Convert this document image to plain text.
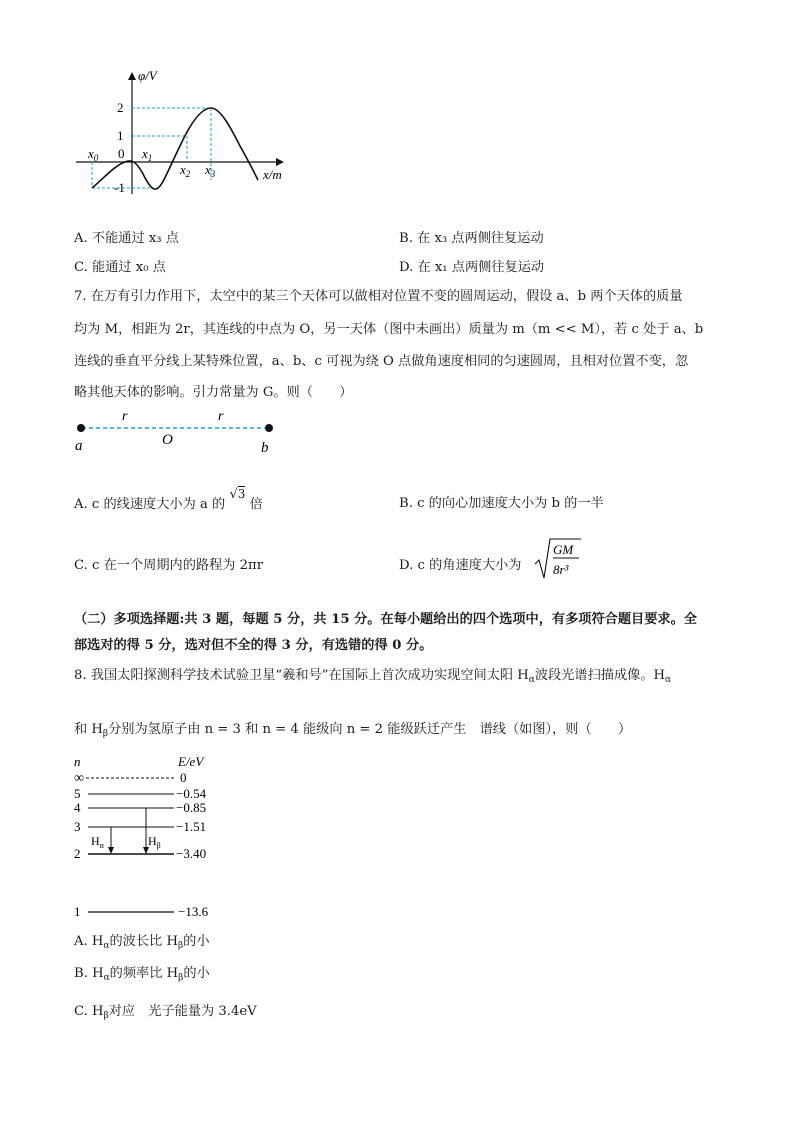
φ/V
x/m
0
2
1
-1
$x_0$	$x_1$
$x_2$ $x_3$
A. 不能通过 x₃ 点	B. 在 x₃ 点两侧往复运动
C. 能通过 x₀ 点	D. 在 x₁ 点两侧往复运动
7. 在万有引力作用下，太空中的某三个天体可以做相对位置不变的圆周运动，假设 a、b 两个天体的质量
均为 M，相距为 2r，其连线的中点为 O，另一天体（图中未画出）质量为 m（m << M），若 c 处于 a、b
连线的垂直平分线上某特殊位置，a、b、c 可视为绕 O 点做角速度相同的匀速圆周，且相对位置不变，忽
略其他天体的影响。引力常量为 G。则（　　）
r	r
a	O	b
A. c 的线速度大小为 a 的 √3 倍	B. c 的向心加速度大小为 b 的一半
C. c 在一个周期内的路程为 2πr	D. c 的角速度大小为
GM
8r³
（二）多项选择题:共 3 题，每题 5 分，共 15 分。在每小题给出的四个选项中，有多项符合题目要求。全
部选对的得 5 分，选对但不全的得 3 分，有选错的得 0 分。
8. 我国太阳探测科学技术试验卫星“羲和号”在国际上首次成功实现空间太阳 $H_\alpha$波段光谱扫描成像。$H_\alpha$
和 $H_\beta$分别为氢原子由 n = 3 和 n = 4 能级向 n = 2 能级跃迁产生　谱线（如图），则（　　）
n	E/eV
∞	0
5	−0.54
4	−0.85
3	−1.51
2	−3.40
$H_\alpha$	$H_\beta$
1	−13.6
A. $H_\alpha$的波长比 $H_\beta$的小
B. $H_\alpha$的频率比 $H_\beta$的小
C. $H_\beta$对应　光子能量为 3.4eV
